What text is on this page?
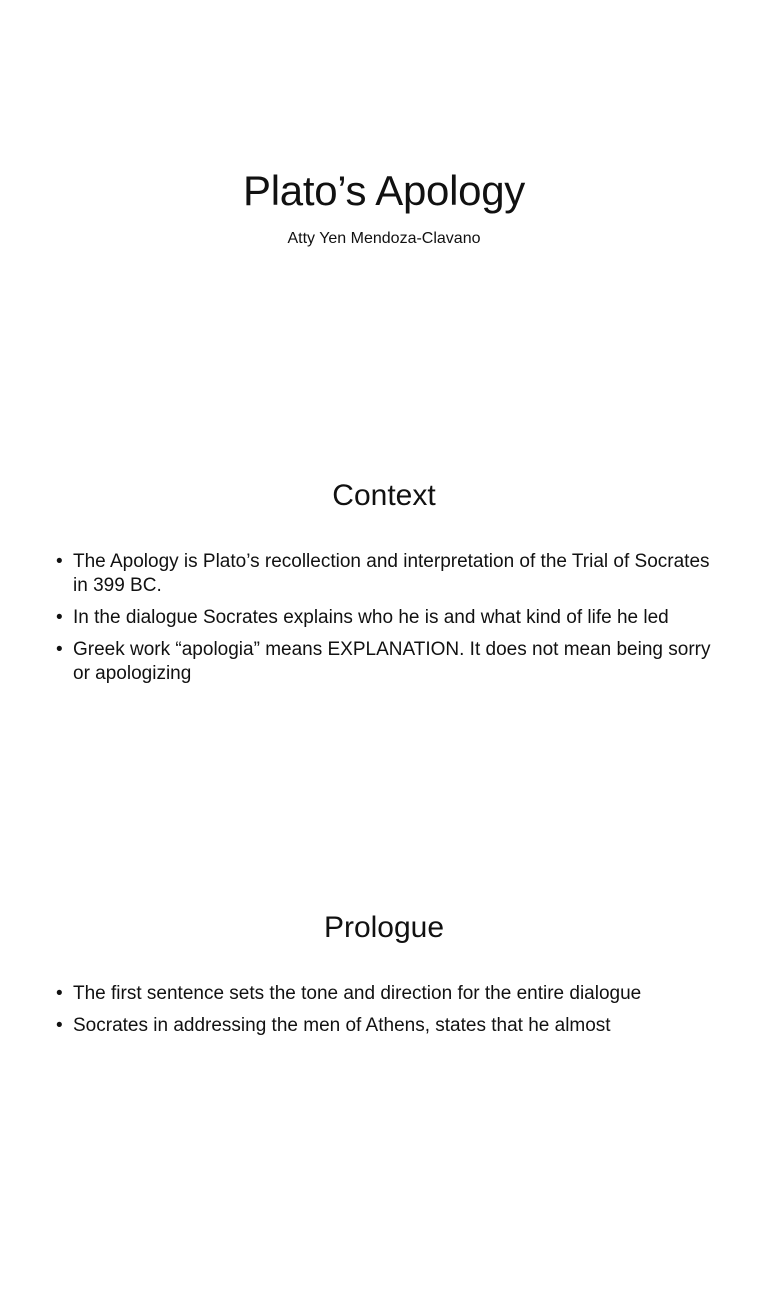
Plato’s Apology
Atty Yen Mendoza-Clavano
Context
• The Apology is Plato’s recollection and interpretation of the Trial of Socrates in 399 BC.
• In the dialogue Socrates explains who he is and what kind of life he led
• Greek work “apologia” means EXPLANATION. It does not mean being sorry or apologizing
Prologue
• The first sentence sets the tone and direction for the entire dialogue
• Socrates in addressing the men of Athens, states that he almost
